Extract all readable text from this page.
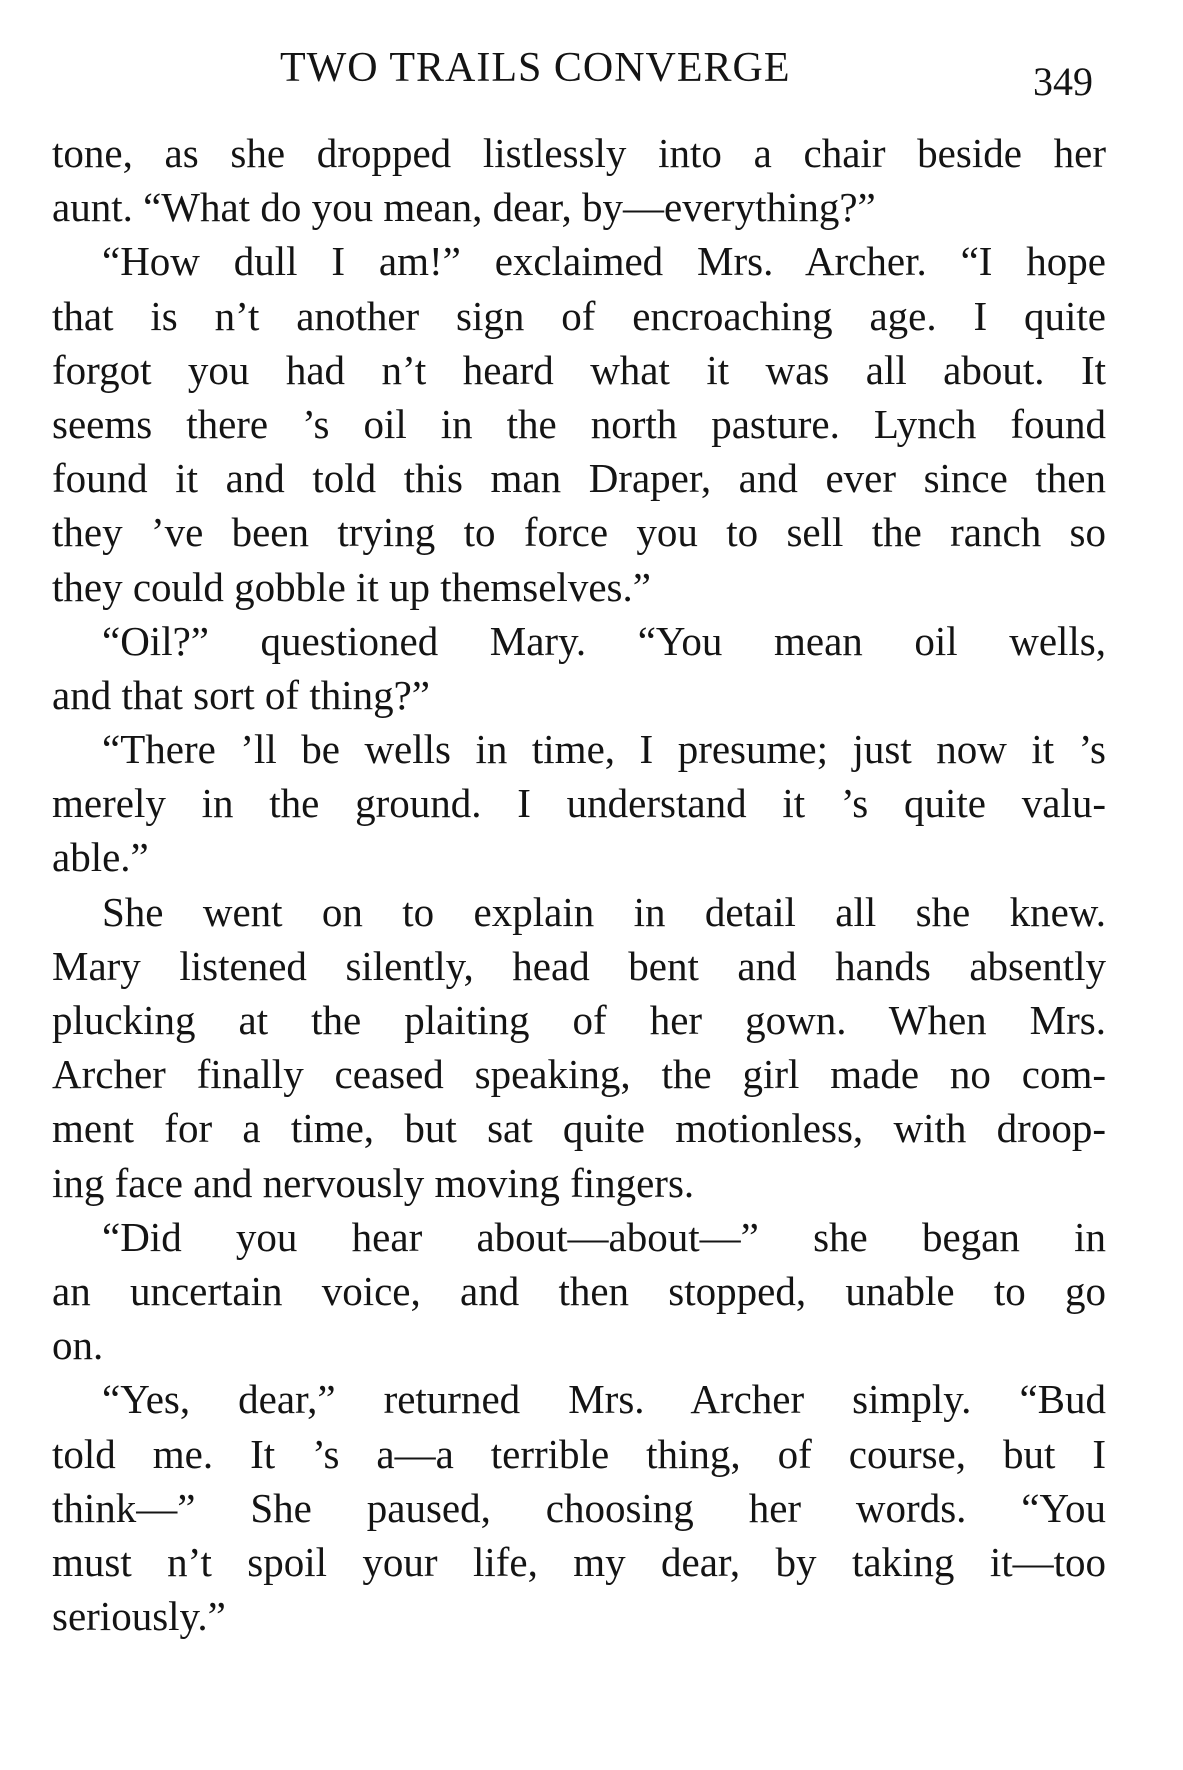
TWO TRAILS CONVERGE	349
tone, as she dropped listlessly into a chair beside her
aunt. “What do you mean, dear, by—everything?”
“How dull I am!” exclaimed Mrs. Archer. “I hope
that is n’t another sign of encroaching age. I quite
forgot you had n’t heard what it was all about. It
seems there ’s oil in the north pasture. Lynch found
found it and told this man Draper, and ever since then
they ’ve been trying to force you to sell the ranch so
they could gobble it up themselves.”
“Oil?” questioned Mary. “You mean oil wells,
and that sort of thing?”
“There ’ll be wells in time, I presume; just now it ’s
merely in the ground. I understand it ’s quite valu-
able.”
She went on to explain in detail all she knew.
Mary listened silently, head bent and hands absently
plucking at the plaiting of her gown. When Mrs.
Archer finally ceased speaking, the girl made no com-
ment for a time, but sat quite motionless, with droop-
ing face and nervously moving fingers.
“Did you hear about—about—” she began in
an uncertain voice, and then stopped, unable to go
on.
“Yes, dear,” returned Mrs. Archer simply. “Bud
told me. It ’s a—a terrible thing, of course, but I
think—” She paused, choosing her words. “You
must n’t spoil your life, my dear, by taking it—too
seriously.”
